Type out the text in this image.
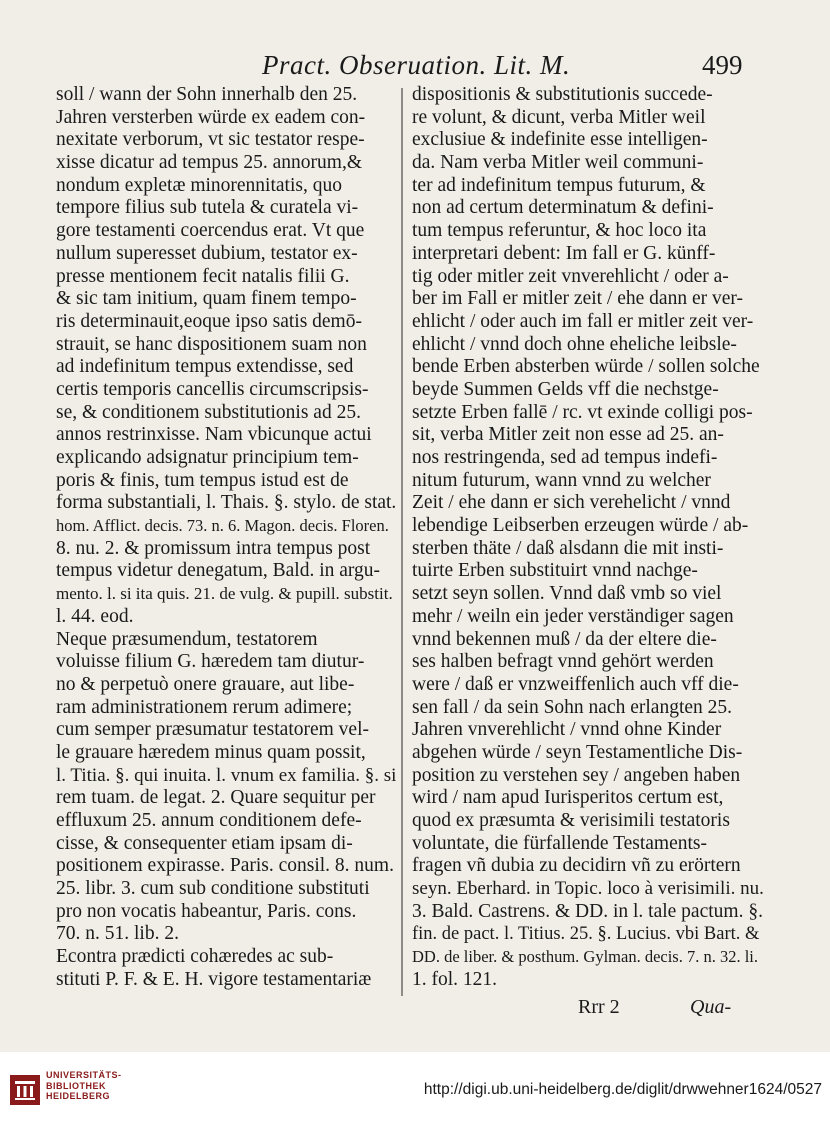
Pract. Obseruation. Lit. M.	499
soll / wann der Sohn innerhalb den 25.
Jahren versterben würde ex eadem con-
nexitate verborum, vt sic testator respe-
xisse dicatur ad tempus 25. annorum,&
nondum expletæ minorennitatis, quo
tempore filius sub tutela & curatela vi-
gore testamenti coercendus erat. Vt que
nullum superesset dubium, testator ex-
presse mentionem fecit natalis filii G.
& sic tam initium, quam finem tempo-
ris determinauit,eoque ipso satis demō-
strauit, se hanc dispositionem suam non
ad indefinitum tempus extendisse, sed
certis temporis cancellis circumscripsis-
se, & conditionem substitutionis ad 25.
annos restrinxisse. Nam vbicunque actui
explicando adsignatur principium tem-
poris & finis, tum tempus istud est de
forma substantiali, l. Thais. §. stylo. de stat.
hom. Afflict. decis. 73. n. 6. Magon. decis. Floren.
8. nu. 2. & promissum intra tempus post
tempus videtur denegatum, Bald. in argu-
mento. l. si ita quis. 21. de vulg. & pupill. substit.
l. 44. eod.
Neque præsumendum, testatorem
voluisse filium G. hæredem tam diutur-
no & perpetuò onere grauare, aut libe-
ram administrationem rerum adimere;
cum semper præsumatur testatorem vel-
le grauare hæredem minus quam possit,
l. Titia. §. qui inuita. l. vnum ex familia. §. si
rem tuam. de legat. 2. Quare sequitur per
effluxum 25. annum conditionem defe-
cisse, & consequenter etiam ipsam di-
positionem expirasse. Paris. consil. 8. num.
25. libr. 3. cum sub conditione substituti
pro non vocatis habeantur, Paris. cons.
70. n. 51. lib. 2.
Econtra prædicti cohæredes ac sub-
stituti P. F. & E. H. vigore testamentariæ
dispositionis & substitutionis succede-
re volunt, & dicunt, verba Mitler weil
exclusiue & indefinite esse intelligen-
da. Nam verba Mitler weil communi-
ter ad indefinitum tempus futurum, &
non ad certum determinatum & defini-
tum tempus referuntur, & hoc loco ita
interpretari debent: Im fall er G. künff-
tig oder mitler zeit vnverehlicht / oder a-
ber im Fall er mitler zeit / ehe dann er ver-
ehlicht / oder auch im fall er mitler zeit ver-
ehlicht / vnnd doch ohne eheliche leibsle-
bende Erben absterben würde / sollen solche
beyde Summen Gelds vff die nechstge-
setzte Erben fallē / rc. vt exinde colligi pos-
sit, verba Mitler zeit non esse ad 25. an-
nos restringenda, sed ad tempus indefi-
nitum futurum, wann vnnd zu welcher
Zeit / ehe dann er sich verehelicht / vnnd
lebendige Leibserben erzeugen würde / ab-
sterben thäte / daß alsdann die mit insti-
tuirte Erben substituirt vnnd nachge-
setzt seyn sollen. Vnnd daß vmb so viel
mehr / weiln ein jeder verständiger sagen
vnnd bekennen muß / da der eltere die-
ses halben befragt vnnd gehört werden
were / daß er vnzweiffenlich auch vff die-
sen fall / da sein Sohn nach erlangten 25.
Jahren vnverehlicht / vnnd ohne Kinder
abgehen würde / seyn Testamentliche Dis-
position zu verstehen sey / angeben haben
wird / nam apud Iurisperitos certum est,
quod ex præsumta & verisimili testatoris
voluntate, die fürfallende Testaments-
fragen vñ dubia zu decidirn vñ zu erörtern
seyn. Eberhard. in Topic. loco à verisimili. nu.
3. Bald. Castrens. & DD. in l. tale pactum. §.
fin. de pact. l. Titius. 25. §. Lucius. vbi Bart. &
DD. de liber. & posthum. Gylman. decis. 7. n. 32. li.
1. fol. 121.
Rrr 2	Qua-
UNIVERSITÄTS-
BIBLIOTHEK
HEIDELBERG	http://digi.ub.uni-heidelberg.de/diglit/drwwehner1624/0527
